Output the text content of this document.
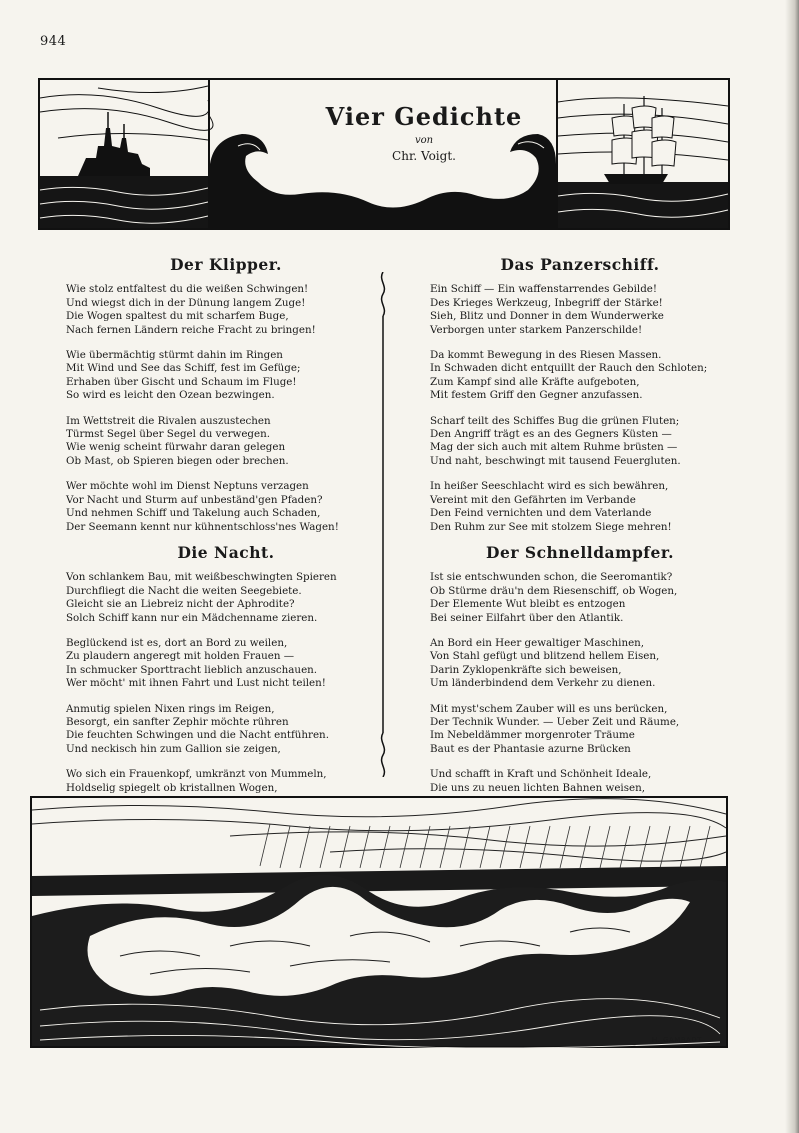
944
Vier Gedichte
von
Chr. Voigt.
Der Klipper.
Wie stolz entfaltest du die weißen Schwingen!
Und wiegst dich in der Dünung langem Zuge!
Die Wogen spaltest du mit scharfem Buge,
Nach fernen Ländern reiche Fracht zu bringen!
Wie übermächtig stürmt dahin im Ringen
Mit Wind und See das Schiff, fest im Gefüge;
Erhaben über Gischt und Schaum im Fluge!
So wird es leicht den Ozean bezwingen.
Im Wettstreit die Rivalen auszustechen
Türmst Segel über Segel du verwegen.
Wie wenig scheint fürwahr daran gelegen
Ob Mast, ob Spieren biegen oder brechen.
Wer möchte wohl im Dienst Neptuns verzagen
Vor Nacht und Sturm auf unbeständ'gen Pfaden?
Und nehmen Schiff und Takelung auch Schaden,
Der Seemann kennt nur kühnentschloss'nes Wagen!
Die Nacht.
Von schlankem Bau, mit weißbeschwingten Spieren
Durchfliegt die Nacht die weiten Seegebiete.
Gleicht sie an Liebreiz nicht der Aphrodite?
Solch Schiff kann nur ein Mädchenname zieren.
Beglückend ist es, dort an Bord zu weilen,
Zu plaudern angeregt mit holden Frauen —
In schmucker Sporttracht lieblich anzuschauen.
Wer möcht' mit ihnen Fahrt und Lust nicht teilen!
Anmutig spielen Nixen rings im Reigen,
Besorgt, ein sanfter Zephir möchte rühren
Die feuchten Schwingen und die Nacht entführen.
Und neckisch hin zum Gallion sie zeigen,
Wo sich ein Frauenkopf, umkränzt von Mummeln,
Holdselig spiegelt ob kristallnen Wogen,
Das Panzerschiff.
Ein Schiff — Ein waffenstarrendes Gebilde!
Des Krieges Werkzeug, Inbegriff der Stärke!
Sieh, Blitz und Donner in dem Wunderwerke
Verborgen unter starkem Panzerschilde!
Da kommt Bewegung in des Riesen Massen.
In Schwaden dicht entquillt der Rauch den Schloten;
Zum Kampf sind alle Kräfte aufgeboten,
Mit festem Griff den Gegner anzufassen.
Scharf teilt des Schiffes Bug die grünen Fluten;
Den Angriff trägt es an des Gegners Küsten —
Mag der sich auch mit altem Ruhme brüsten —
Und naht, beschwingt mit tausend Feuergluten.
In heißer Seeschlacht wird es sich bewähren,
Vereint mit den Gefährten im Verbande
Den Feind vernichten und dem Vaterlande
Den Ruhm zur See mit stolzem Siege mehren!
Der Schnelldampfer.
Ist sie entschwunden schon, die Seeromantik?
Ob Stürme dräu'n dem Riesenschiff, ob Wogen,
Der Elemente Wut bleibt es entzogen
Bei seiner Eilfahrt über den Atlantik.
An Bord ein Heer gewaltiger Maschinen,
Von Stahl gefügt und blitzend hellem Eisen,
Darin Zyklopenkräfte sich beweisen,
Um länderbindend dem Verkehr zu dienen.
Mit myst'schem Zauber will es uns berücken,
Der Technik Wunder. — Ueber Zeit und Räume,
Im Nebeldämmer morgenroter Träume
Baut es der Phantasie azurne Brücken
Und schafft in Kraft und Schönheit Ideale,
Die uns zu neuen lichten Bahnen weisen,
H. GAMRADT
